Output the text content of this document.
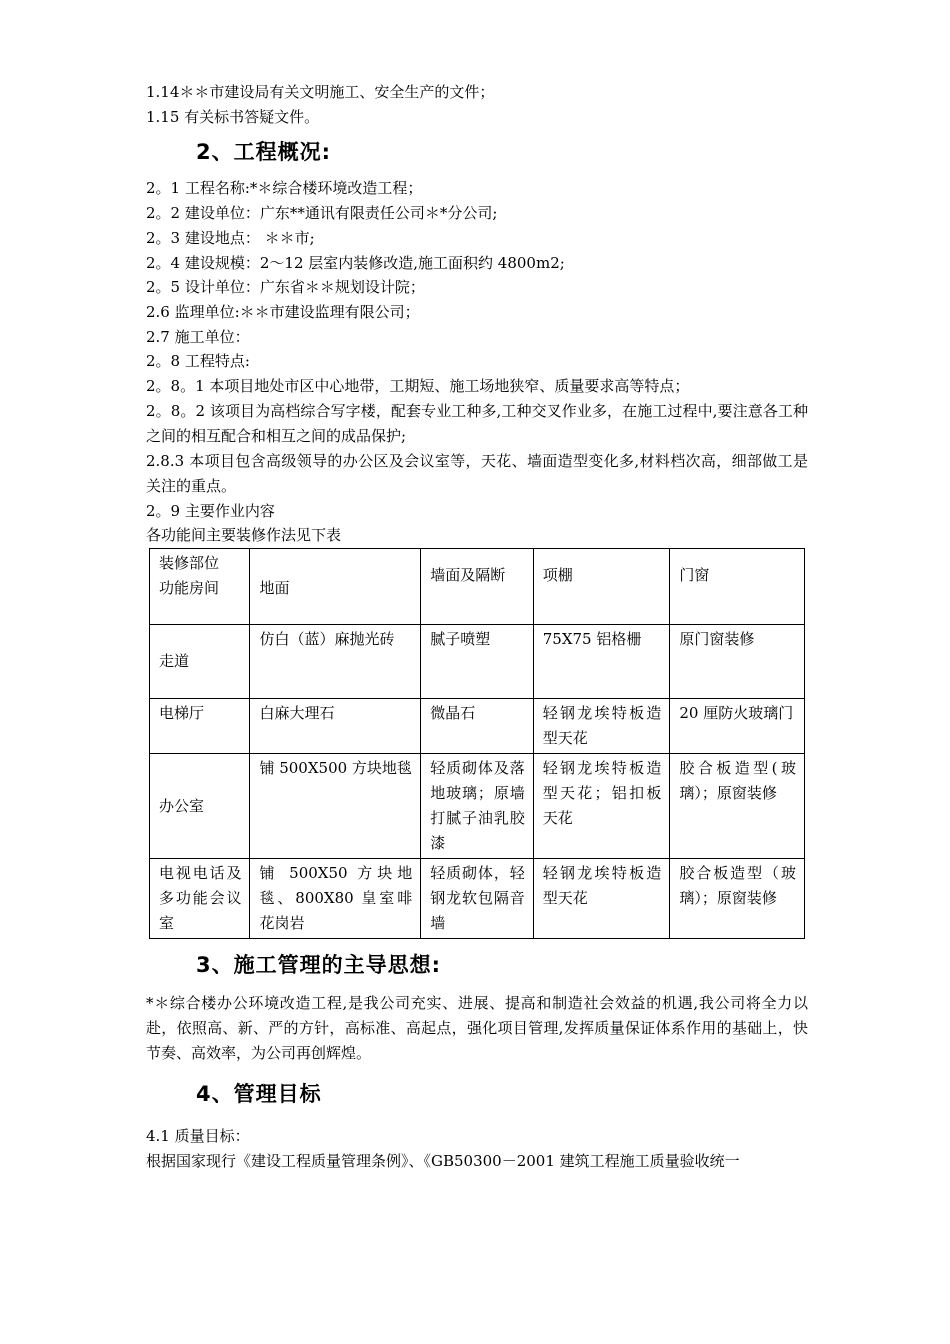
1.14＊＊市建设局有关文明施工、安全生产的文件；
1.15 有关标书答疑文件。
2、工程概况:
2。1 工程名称:*＊综合楼环境改造工程；
2。2 建设单位：广东**通讯有限责任公司＊*分公司;
2。3 建设地点： ＊＊市;
2。4 建设规模：2～12 层室内装修改造,施工面积约 4800m2;
2。5 设计单位：广东省＊＊规划设计院；
2.6 监理单位:＊＊市建设监理有限公司；
2.7 施工单位：
2。8 工程特点:
2。8。1 本项目地处市区中心地带，工期短、施工场地狭窄、质量要求高等特点；
2。8。2 该项目为高档综合写字楼，配套专业工种多,工种交叉作业多，在施工过程中,要注意各工种之间的相互配合和相互之间的成品保护;
2.8.3 本项目包含高级领导的办公区及会议室等，天花、墙面造型变化多,材料档次高，细部做工是关注的重点。
2。9 主要作业内容
各功能间主要装修作法见下表
装修部位
功能房间	地面	墙面及隔断	项棚	门窗
走道	仿白（蓝）麻抛光砖	腻子喷塑	75X75 铝格栅	原门窗装修
电梯厅	白麻大理石	微晶石	轻钢龙埃特板造型天花	20 厘防火玻璃门
办公室	铺 500X500 方块地毯	轻质砌体及落地玻璃；原墙打腻子油乳胶漆	轻钢龙埃特板造型天花；铝扣板天花	胶合板造型(玻璃）；原窗装修
电视电话及多功能会议室	铺 500X50 方块地毯、800X80 皇室啡花岗岩	轻质砌体，轻钢龙软包隔音墙	轻钢龙埃特板造型天花	胶合板造型（玻璃）；原窗装修
3、施工管理的主导思想:
*＊综合楼办公环境改造工程,是我公司充实、进展、提高和制造社会效益的机遇,我公司将全力以赴，依照高、新、严的方针，高标准、高起点，强化项目管理,发挥质量保证体系作用的基础上，快节奏、高效率，为公司再创辉煌。
4、管理目标
4.1 质量目标：
根据国家现行《建设工程质量管理条例》、《GB50300－2001 建筑工程施工质量验收统一
